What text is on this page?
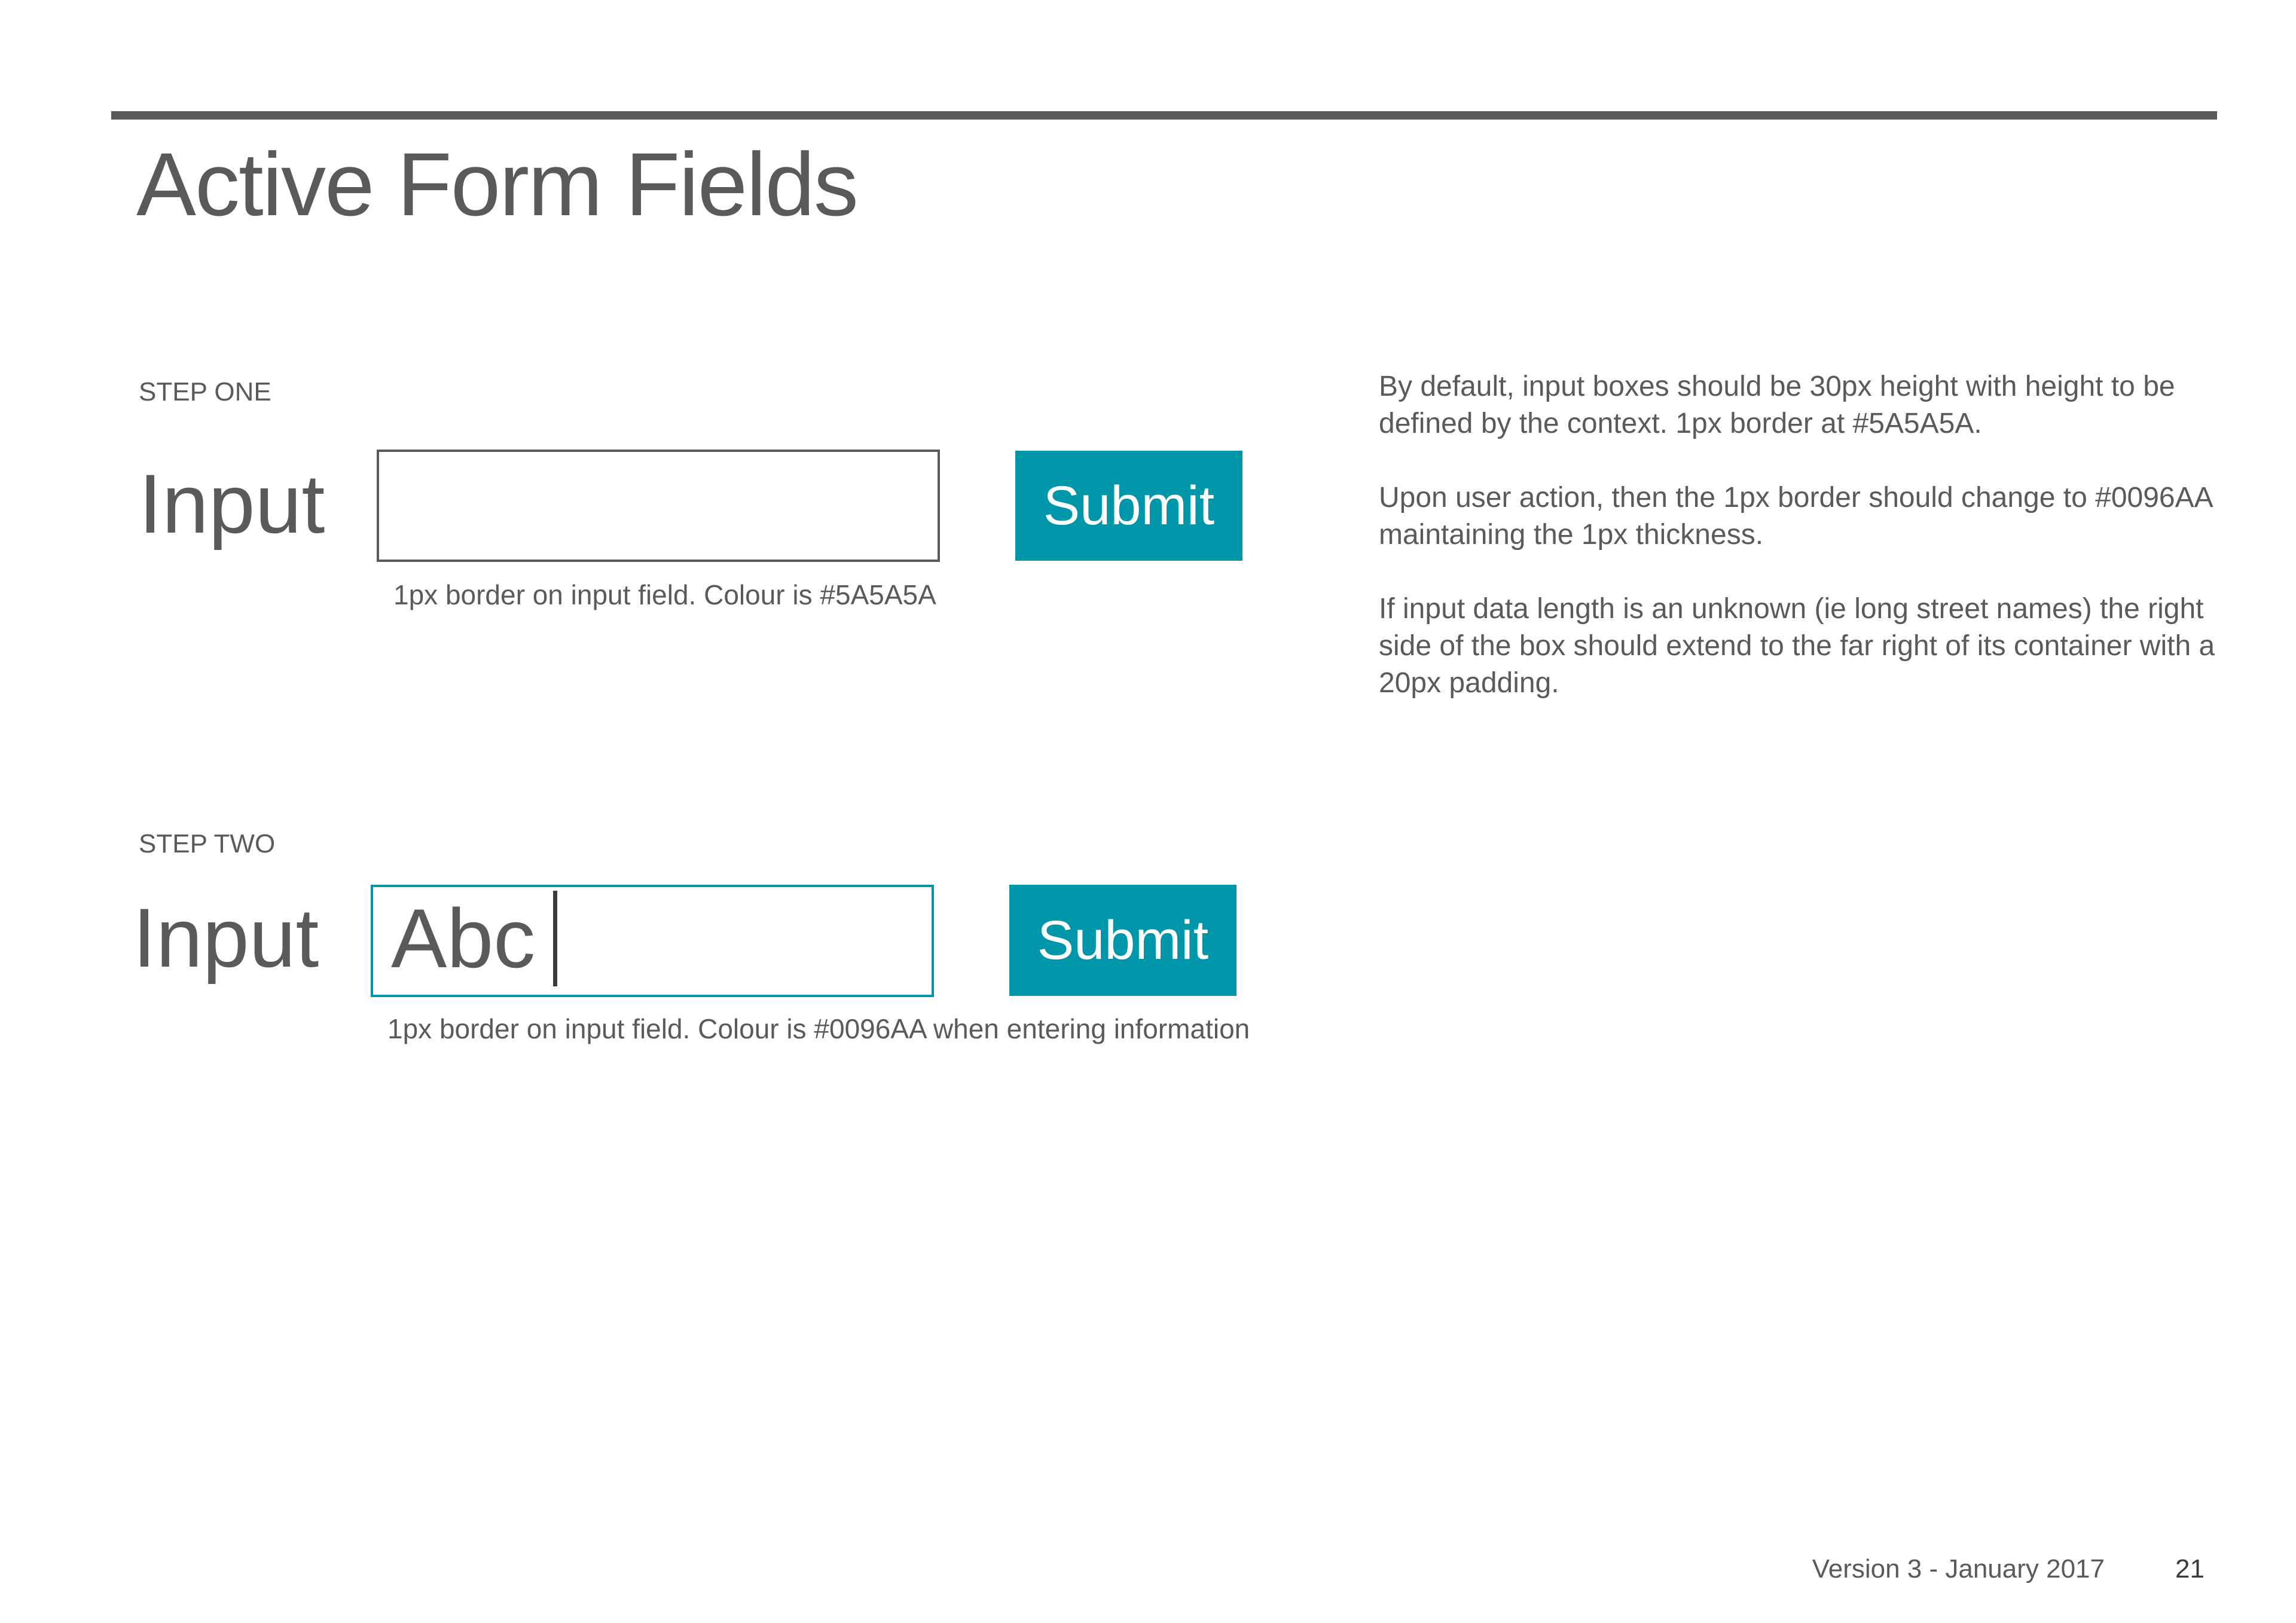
Active Form Fields
STEP ONE
Input	Submit
1px border on input field. Colour is #5A5A5A
STEP TWO
Input Abc	Submit
1px border on input field. Colour is #0096AA when entering information

By default, input boxes should be 30px height with height to be defined by the context. 1px border at #5A5A5A.

Upon user action, then the 1px border should change to #0096AA maintaining the 1px thickness.

If input data length is an unknown (ie long street names) the right side of the box should extend to the far right of its container with a 20px padding.

Version 3 - January 2017	21
